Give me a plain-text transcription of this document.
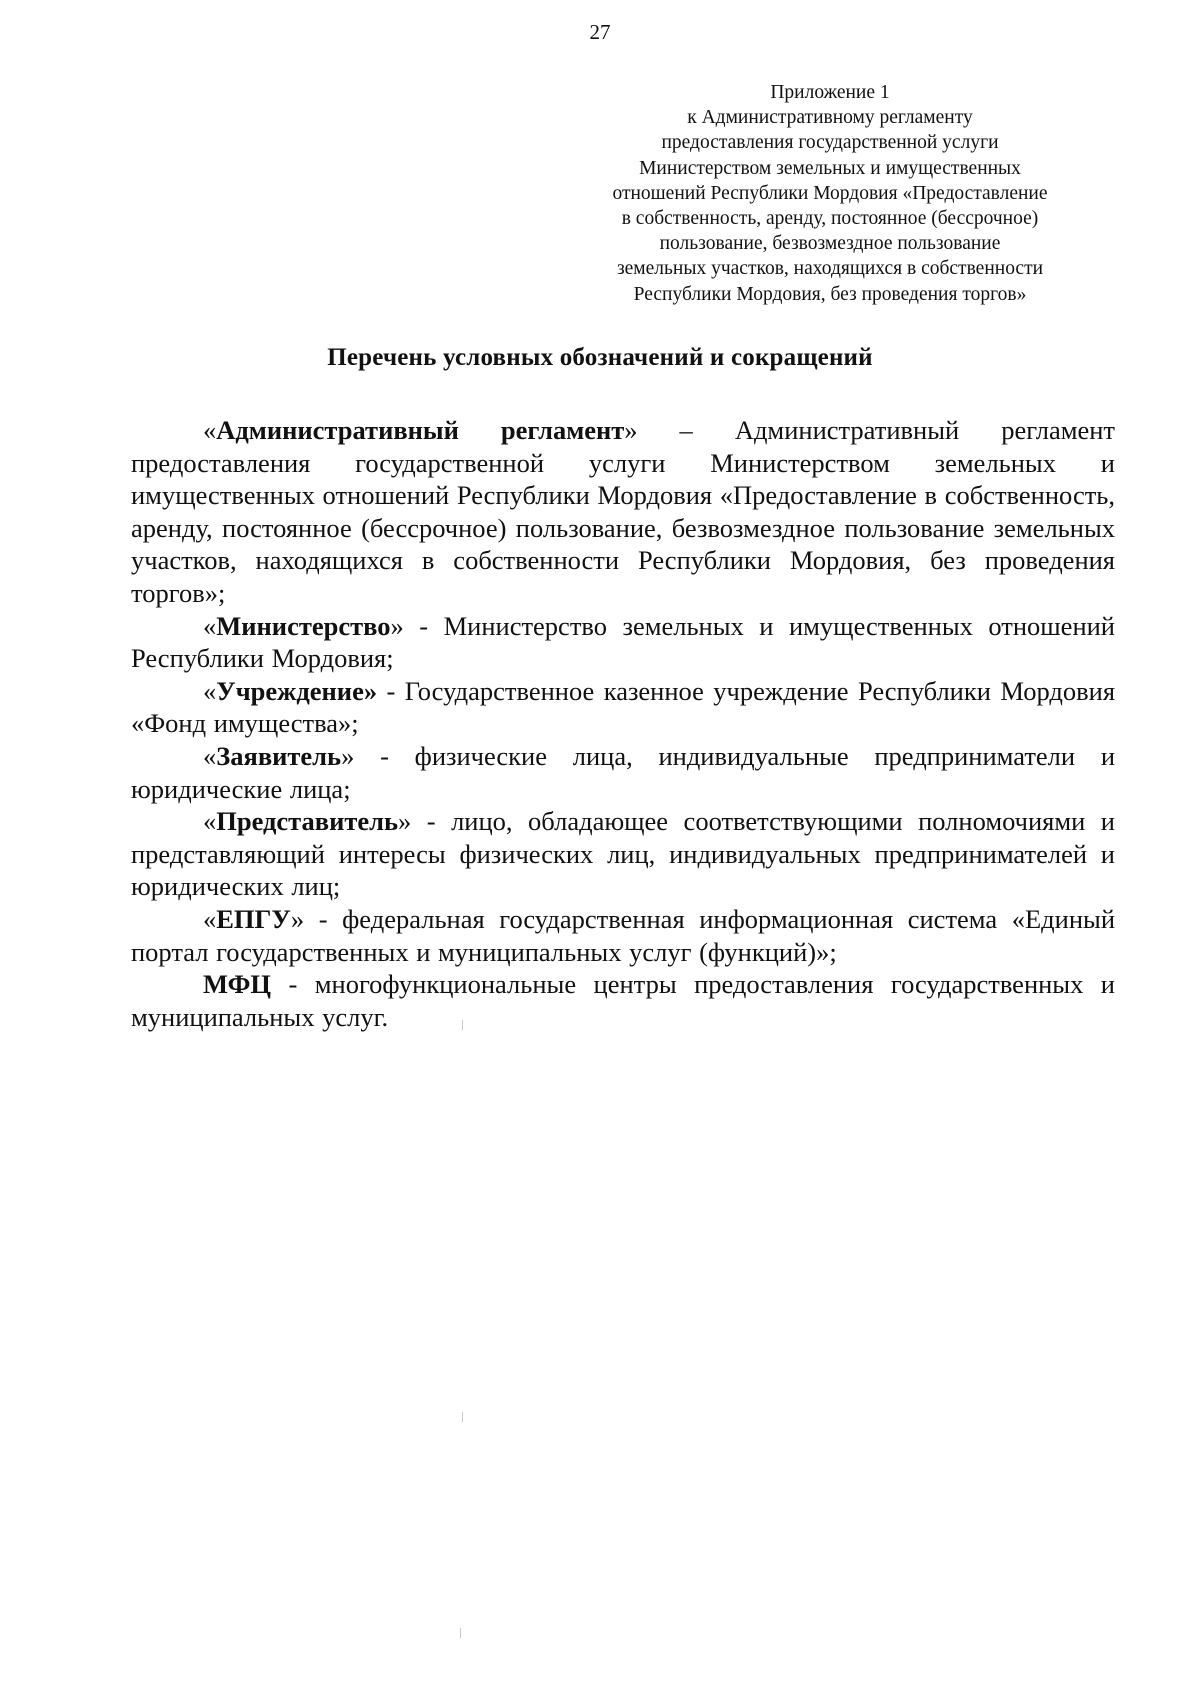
27
Приложение 1
к Административному регламенту
предоставления государственной услуги
Министерством земельных и имущественных
отношений Республики Мордовия «Предоставление
в собственность, аренду, постоянное (бессрочное)
пользование, безвозмездное пользование
земельных участков, находящихся в собственности
Республики Мордовия, без проведения торгов»
Перечень условных обозначений и сокращений

«Административный регламент» – Административный регламент предоставления государственной услуги Министерством земельных и имущественных отношений Республики Мордовия «Предоставление в собственность, аренду, постоянное (бессрочное) пользование, безвозмездное пользование земельных участков, находящихся в собственности Республики Мордовия, без проведения торгов»;

«Министерство» - Министерство земельных и имущественных отношений Республики Мордовия;

«Учреждение» - Государственное казенное учреждение Республики Мордовия «Фонд имущества»;

«Заявитель» - физические лица, индивидуальные предприниматели и юридические лица;

«Представитель» - лицо, обладающее соответствующими полномочиями и представляющий интересы физических лиц, индивидуальных предпринимателей и юридических лиц;

«ЕПГУ» - федеральная государственная информационная система «Единый портал государственных и муниципальных услуг (функций)»;

МФЦ - многофункциональные центры предоставления государственных и муниципальных услуг.
